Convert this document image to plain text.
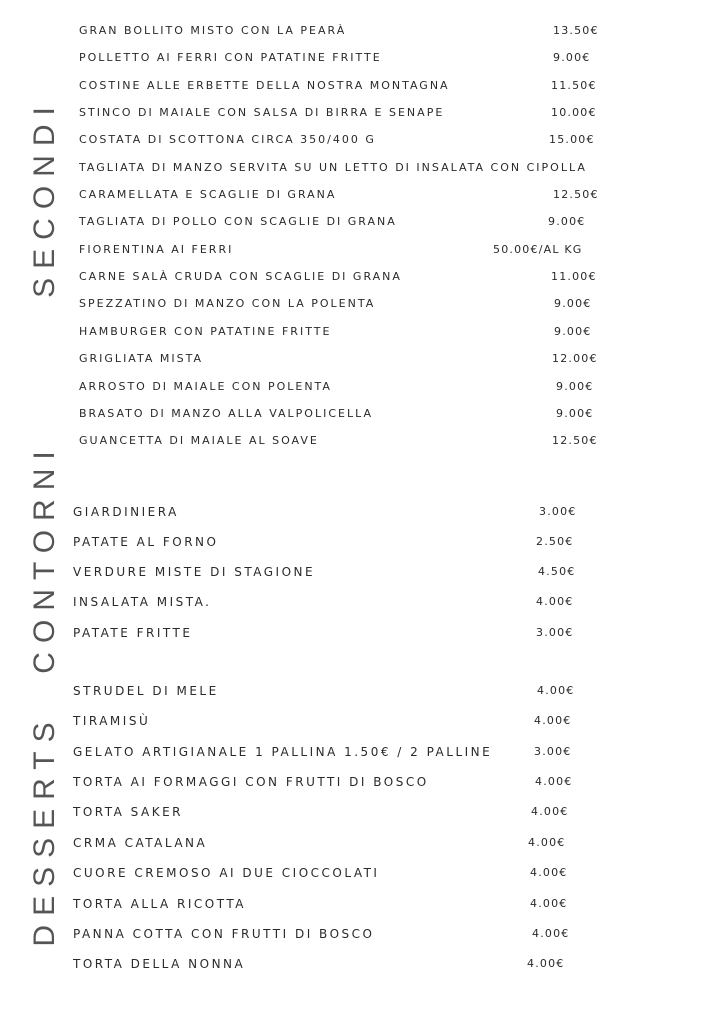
SECONDI
CONTORNI
DESSERTS
GRAN BOLLITO MISTO CON LA PEARÀ	13.50€
POLLETTO AI FERRI CON PATATINE FRITTE	9.00€
COSTINE ALLE ERBETTE DELLA NOSTRA MONTAGNA	11.50€
STINCO DI MAIALE CON SALSA DI BIRRA E SENAPE	10.00€
COSTATA DI SCOTTONA CIRCA 350/400 G	15.00€
TAGLIATA DI MANZO SERVITA SU UN LETTO DI INSALATA CON CIPOLLA
CARAMELLATA E SCAGLIE DI GRANA	12.50€
TAGLIATA DI POLLO CON SCAGLIE DI GRANA	9.00€
FIORENTINA AI FERRI	50.00€/AL KG
CARNE SALÀ CRUDA CON SCAGLIE DI GRANA	11.00€
SPEZZATINO DI MANZO CON LA POLENTA	9.00€
HAMBURGER CON PATATINE FRITTE	9.00€
GRIGLIATA MISTA	12.00€
ARROSTO DI MAIALE CON POLENTA	9.00€
BRASATO DI MANZO ALLA VALPOLICELLA	9.00€
GUANCETTA DI MAIALE AL SOAVE	12.50€
GIARDINIERA	3.00€
PATATE AL FORNO	2.50€
VERDURE MISTE DI STAGIONE	4.50€
INSALATA MISTA.	4.00€
PATATE FRITTE	3.00€
STRUDEL DI MELE	4.00€
TIRAMISÙ	4.00€
GELATO ARTIGIANALE 1 PALLINA 1.50€ / 2 PALLINE	3.00€
TORTA AI FORMAGGI CON FRUTTI DI BOSCO	4.00€
TORTA SAKER	4.00€
CRMA CATALANA	4.00€
CUORE CREMOSO AI DUE CIOCCOLATI	4.00€
TORTA ALLA RICOTTA	4.00€
PANNA COTTA CON FRUTTI DI BOSCO	4.00€
TORTA DELLA NONNA	4.00€
